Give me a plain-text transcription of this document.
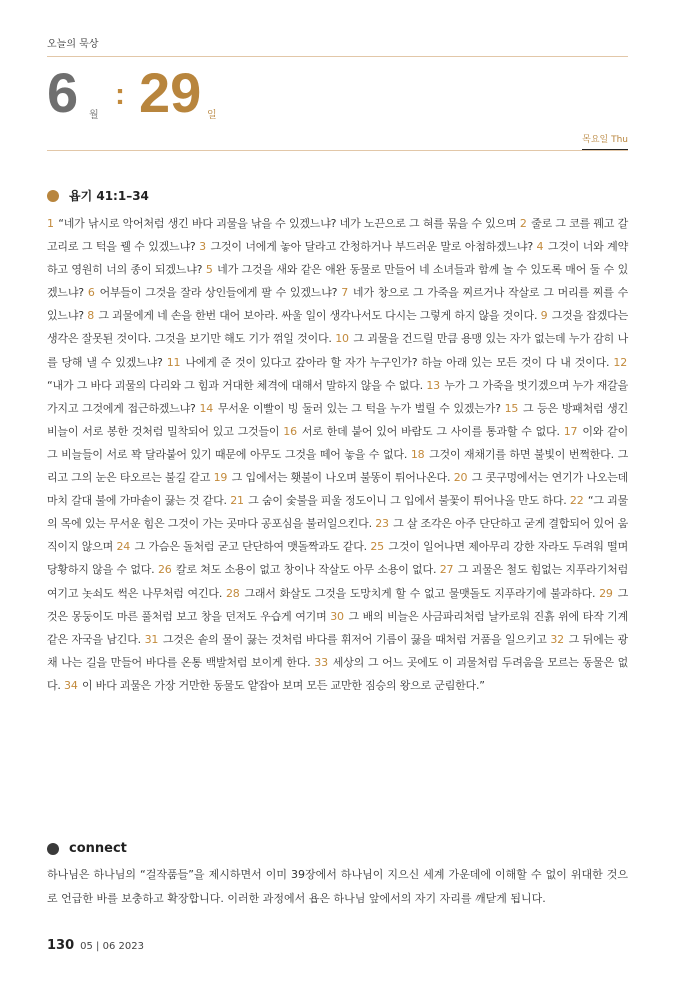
오늘의 묵상
6 월
: 29 일
목요일 Thu
욥기 41:1–34
1 “네가 낚시로 악어처럼 생긴 바다 괴물을 낚을 수 있겠느냐? 네가 노끈으로 그 혀를 묶을 수 있으며 2 줄로 그 코를 꿰고 갈고리로 그 턱을 꿸 수 있겠느냐? 3 그것이 너에게 놓아 달라고 간청하거나 부드러운 말로 아첨하겠느냐? 4 그것이 너와 계약하고 영원히 너의 종이 되겠느냐? 5 네가 그것을 새와 같은 애완 동물로 만들어 네 소녀들과 함께 놀 수 있도록 매어 둘 수 있겠느냐? 6 어부들이 그것을 잘라 상인들에게 팔 수 있겠느냐? 7 네가 창으로 그 가죽을 찌르거나 작살로 그 머리를 찌를 수 있느냐? 8 그 괴물에게 네 손을 한번 대어 보아라. 싸울 일이 생각나서도 다시는 그렇게 하지 않을 것이다. 9 그것을 잡겠다는 생각은 잘못된 것이다. 그것을 보기만 해도 기가 꺾일 것이다. 10 그 괴물을 건드릴 만큼 용맹 있는 자가 없는데 누가 감히 나를 당해 낼 수 있겠느냐? 11 나에게 준 것이 있다고 갚아라 할 자가 누구인가? 하늘 아래 있는 모든 것이 다 내 것이다. 12 “내가 그 바다 괴물의 다리와 그 힘과 거대한 체격에 대해서 말하지 않을 수 없다. 13 누가 그 가죽을 벗기겠으며 누가 재갈을 가지고 그것에게 접근하겠느냐? 14 무서운 이빨이 빙 둘러 있는 그 턱을 누가 벌릴 수 있겠는가? 15 그 등은 방패처럼 생긴 비늘이 서로 봉한 것처럼 밀착되어 있고 그것들이 16 서로 한데 붙어 있어 바람도 그 사이를 통과할 수 없다. 17 이와 같이 그 비늘들이 서로 꽉 달라붙어 있기 때문에 아무도 그것을 떼어 놓을 수 없다. 18 그것이 재채기를 하면 불빛이 번쩍한다. 그리고 그의 눈은 타오르는 불길 같고 19 그 입에서는 횃불이 나오며 불똥이 튀어나온다. 20 그 콧구멍에서는 연기가 나오는데 마치 갈대 불에 가마솥이 끓는 것 같다. 21 그 숨이 숯불을 피울 정도이니 그 입에서 불꽃이 튀어나올 만도 하다. 22 “그 괴물의 목에 있는 무서운 힘은 그것이 가는 곳마다 공포심을 불러일으킨다. 23 그 살 조각은 아주 단단하고 굳게 결합되어 있어 움직이지 않으며 24 그 가슴은 돌처럼 굳고 단단하여 맷돌짝과도 같다. 25 그것이 일어나면 제아무리 강한 자라도 두려워 떨며 당황하지 않을 수 없다. 26 칼로 쳐도 소용이 없고 창이나 작살도 아무 소용이 없다. 27 그 괴물은 철도 힘없는 지푸라기처럼 여기고 놋쇠도 썩은 나무처럼 여긴다. 28 그래서 화살도 그것을 도망치게 할 수 없고 물맷돌도 지푸라기에 불과하다. 29 그것은 몽둥이도 마른 풀처럼 보고 창을 던져도 우습게 여기며 30 그 배의 비늘은 사금파리처럼 날카로워 진흙 위에 타작 기계 같은 자국을 남긴다. 31 그것은 솥의 물이 끓는 것처럼 바다를 휘저어 기름이 끓을 때처럼 거품을 일으키고 32 그 뒤에는 광채 나는 길을 만들어 바다를 온통 백발처럼 보이게 한다. 33 세상의 그 어느 곳에도 이 괴물처럼 두려움을 모르는 동물은 없다. 34 이 바다 괴물은 가장 거만한 동물도 얕잡아 보며 모든 교만한 짐승의 왕으로 군림한다.”
connect
하나님은 하나님의 “걸작품들”을 제시하면서 이미 39장에서 하나님이 지으신 세계 가운데에 이해할 수 없이 위대한 것으로 언급한 바를 보충하고 확장합니다. 이러한 과정에서 욥은 하나님 앞에서의 자기 자리를 깨닫게 됩니다.
130 05 | 06 2023
